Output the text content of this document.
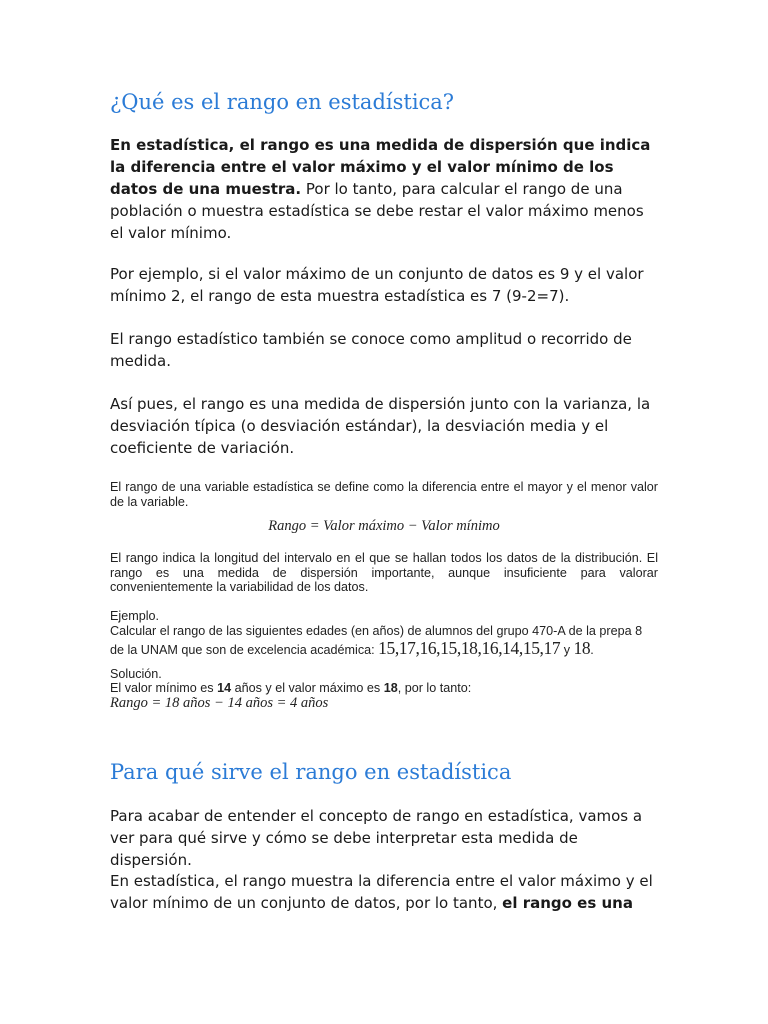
¿Qué es el rango en estadística?

En estadística, el rango es una medida de dispersión que indica la diferencia entre el valor máximo y el valor mínimo de los datos de una muestra. Por lo tanto, para calcular el rango de una población o muestra estadística se debe restar el valor máximo menos el valor mínimo.

Por ejemplo, si el valor máximo de un conjunto de datos es 9 y el valor mínimo 2, el rango de esta muestra estadística es 7 (9-2=7).

El rango estadístico también se conoce como amplitud o recorrido de medida.

Así pues, el rango es una medida de dispersión junto con la varianza, la desviación típica (o desviación estándar), la desviación media y el coeficiente de variación.

El rango de una variable estadística se define como la diferencia entre el mayor y el menor valor de la variable.

Rango = Valor máximo − Valor mínimo

El rango indica la longitud del intervalo en el que se hallan todos los datos de la distribución. El rango es una medida de dispersión importante, aunque insuficiente para valorar convenientemente la variabilidad de los datos.

Ejemplo.

Calcular el rango de las siguientes edades (en años) de alumnos del grupo 470-A de la prepa 8 de la UNAM que son de excelencia académica: 15,17,16,15,18,16,14,15,17 y 18.

Solución.

El valor mínimo es 14 años y el valor máximo es 18, por lo tanto:

Rango = 18 años − 14 años = 4 años

Para qué sirve el rango en estadística

Para acabar de entender el concepto de rango en estadística, vamos a ver para qué sirve y cómo se debe interpretar esta medida de dispersión.

En estadística, el rango muestra la diferencia entre el valor máximo y el valor mínimo de un conjunto de datos, por lo tanto, el rango es una
